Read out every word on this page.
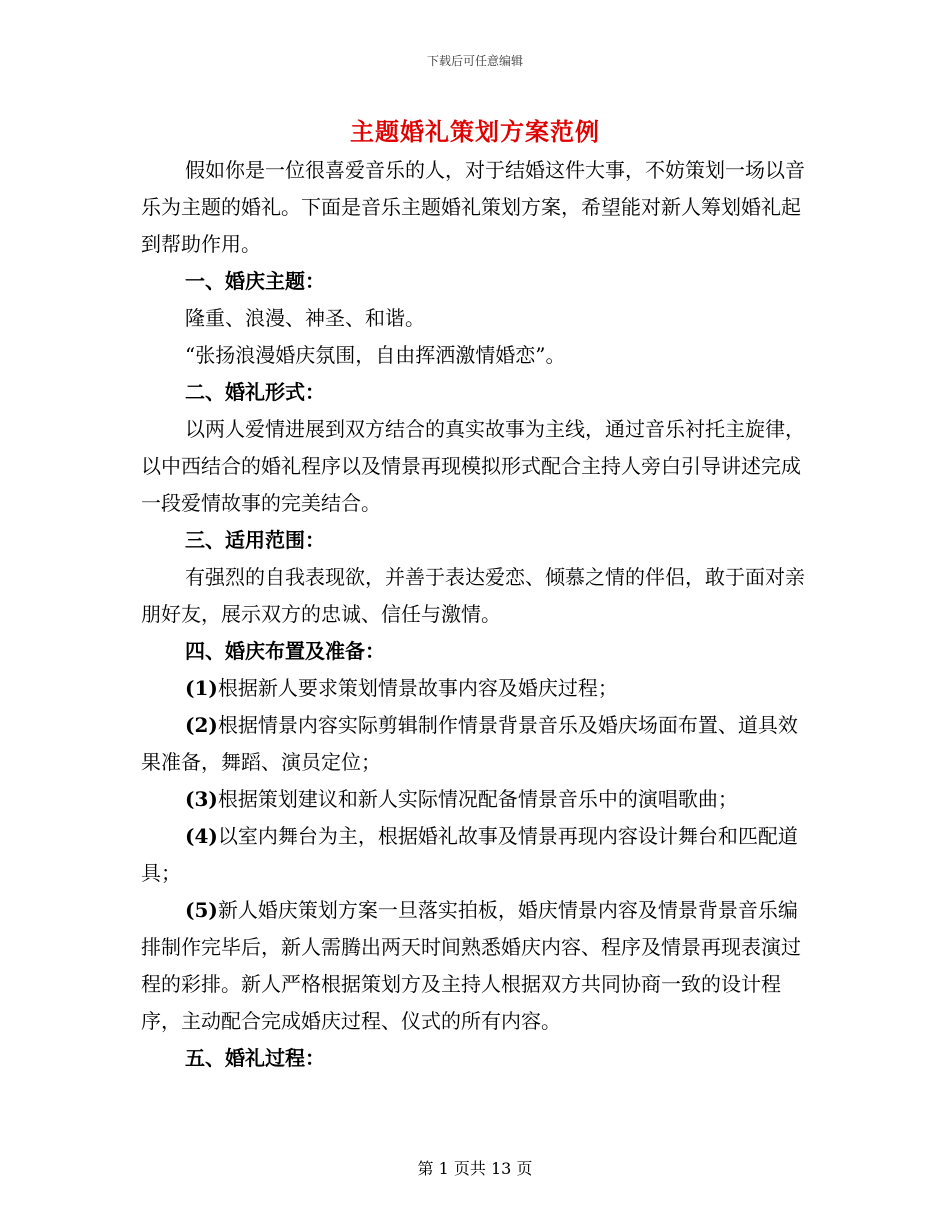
下载后可任意编辑
主题婚礼策划方案范例

假如你是一位很喜爱音乐的人，对于结婚这件大事，不妨策划一场以音乐为主题的婚礼。下面是音乐主题婚礼策划方案，希望能对新人筹划婚礼起到帮助作用。

一、婚庆主题：

隆重、浪漫、神圣、和谐。

“张扬浪漫婚庆氛围，自由挥洒激情婚恋”。

二、婚礼形式：

以两人爱情进展到双方结合的真实故事为主线，通过音乐衬托主旋律，以中西结合的婚礼程序以及情景再现模拟形式配合主持人旁白引导讲述完成一段爱情故事的完美结合。

三、适用范围：

有强烈的自我表现欲，并善于表达爱恋、倾慕之情的伴侣，敢于面对亲朋好友，展示双方的忠诚、信任与激情。

四、婚庆布置及准备：

(1)根据新人要求策划情景故事内容及婚庆过程；

(2)根据情景内容实际剪辑制作情景背景音乐及婚庆场面布置、道具效果准备，舞蹈、演员定位；

(3)根据策划建议和新人实际情况配备情景音乐中的演唱歌曲；

(4)以室内舞台为主，根据婚礼故事及情景再现内容设计舞台和匹配道具；

(5)新人婚庆策划方案一旦落实拍板，婚庆情景内容及情景背景音乐编排制作完毕后，新人需腾出两天时间熟悉婚庆内容、程序及情景再现表演过程的彩排。新人严格根据策划方及主持人根据双方共同协商一致的设计程序，主动配合完成婚庆过程、仪式的所有内容。

五、婚礼过程：

第 1 页共 13 页
